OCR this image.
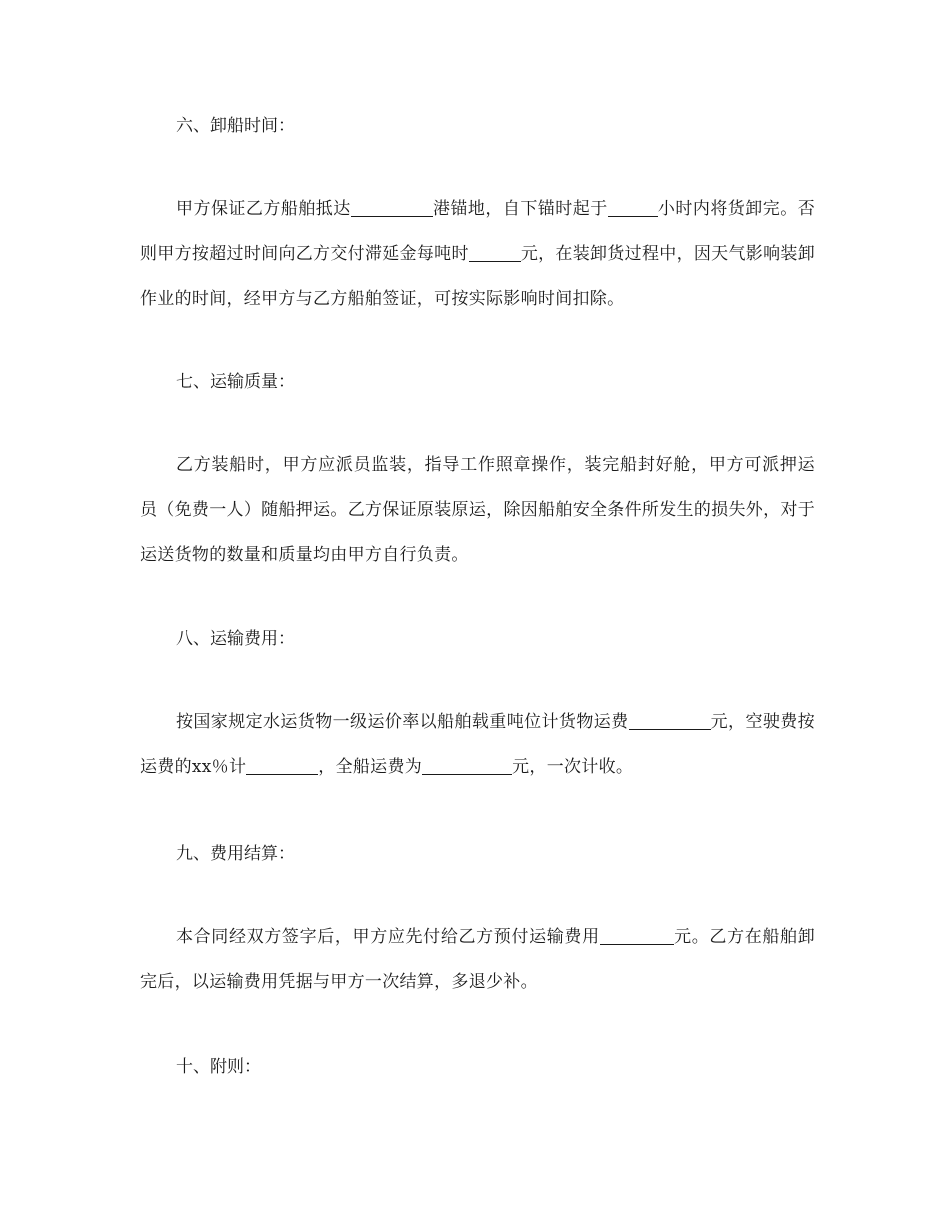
六、卸船时间：
甲方保证乙方船舶抵达	港锚地，自下锚时起于	小时内将货卸完。否则甲方按超过时间向乙方交付滞延金每吨时	元，在装卸货过程中，因天气影响装卸作业的时间，经甲方与乙方船舶签证，可按实际影响时间扣除。
七、运输质量：
乙方装船时，甲方应派员监装，指导工作照章操作，装完船封好舱，甲方可派押运员（免费一人）随船押运。乙方保证原装原运，除因船舶安全条件所发生的损失外，对于运送货物的数量和质量均由甲方自行负责。
八、运输费用：
按国家规定水运货物一级运价率以船舶载重吨位计货物运费	元，空驶费按运费的xx％计	，全船运费为	元，一次计收。
九、费用结算：
本合同经双方签字后，甲方应先付给乙方预付运输费用	元。乙方在船舶卸完后，以运输费用凭据与甲方一次结算，多退少补。
十、附则：
